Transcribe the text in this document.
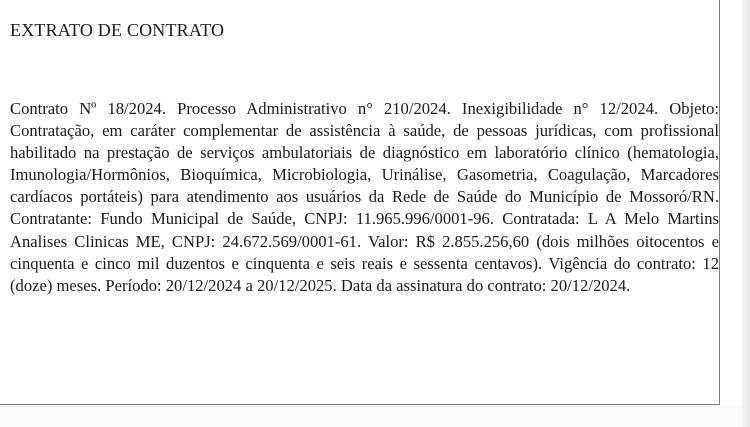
EXTRATO DE CONTRATO

Contrato Nº 18/2024. Processo Administrativo n° 210/2024. Inexigibilidade n° 12/2024. Objeto: Contratação, em caráter complementar de assistência à saúde, de pessoas jurídicas, com profissional habilitado na prestação de serviços ambulatoriais de diagnóstico em laboratório clínico (hematologia, Imunologia/Hormônios, Bioquímica, Microbiologia, Urinálise, Gasometria, Coagulação, Marcadores cardíacos portáteis) para atendimento aos usuários da Rede de Saúde do Município de Mossoró/RN. Contratante: Fundo Municipal de Saúde, CNPJ: 11.965.996/0001-96. Contratada: L A Melo Martins Analises Clinicas ME, CNPJ: 24.672.569/0001-61. Valor: R$ 2.855.256,60 (dois milhões oitocentos e cinquenta e cinco mil duzentos e cinquenta e seis reais e sessenta centavos). Vigência do contrato: 12 (doze) meses. Período: 20/12/2024 a 20/12/2025. Data da assinatura do contrato: 20/12/2024.
